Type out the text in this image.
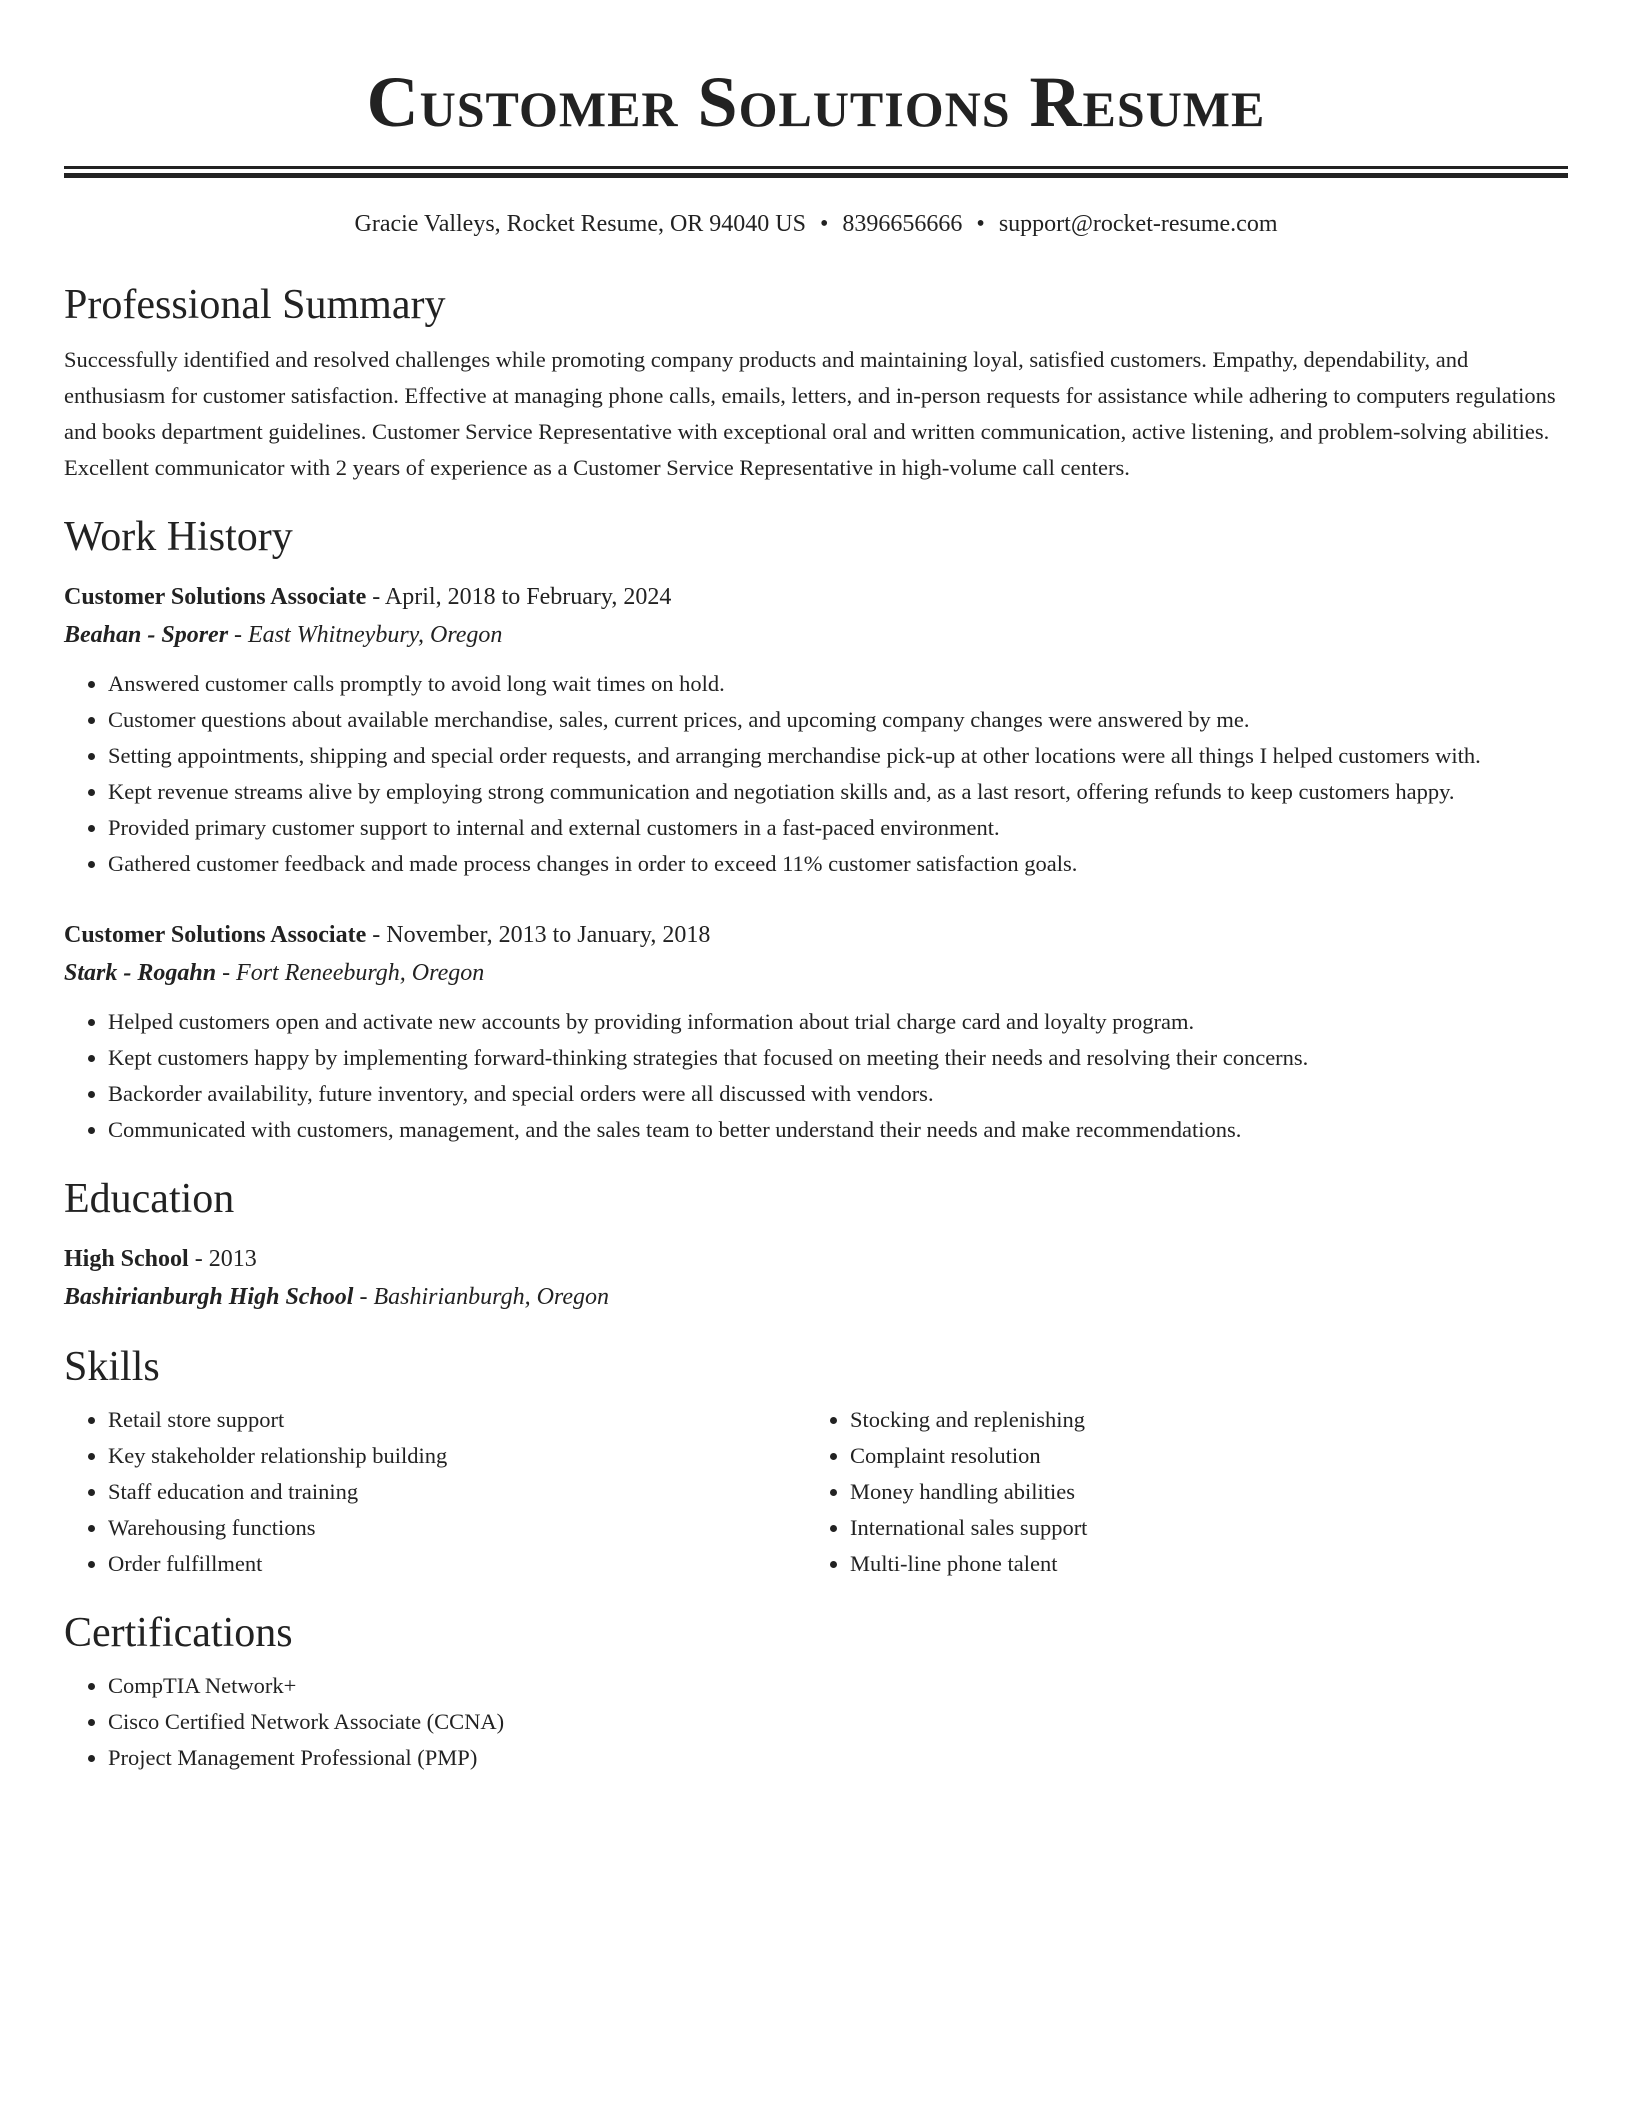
Customer Solutions Resume
Gracie Valleys, Rocket Resume, OR 94040 US • 8396656666 • support@rocket-resume.com
Professional Summary

Successfully identified and resolved challenges while promoting company products and maintaining loyal, satisfied customers. Empathy, dependability, and enthusiasm for customer satisfaction. Effective at managing phone calls, emails, letters, and in-person requests for assistance while adhering to computers regulations and books department guidelines. Customer Service Representative with exceptional oral and written communication, active listening, and problem-solving abilities. Excellent communicator with 2 years of experience as a Customer Service Representative in high-volume call centers.

Work History
Customer Solutions Associate - April, 2018 to February, 2024
Beahan - Sporer - East Whitneybury, Oregon
• Answered customer calls promptly to avoid long wait times on hold.
• Customer questions about available merchandise, sales, current prices, and upcoming company changes were answered by me.
• Setting appointments, shipping and special order requests, and arranging merchandise pick-up at other locations were all things I helped customers with.
• Kept revenue streams alive by employing strong communication and negotiation skills and, as a last resort, offering refunds to keep customers happy.
• Provided primary customer support to internal and external customers in a fast-paced environment.
• Gathered customer feedback and made process changes in order to exceed 11% customer satisfaction goals.
Customer Solutions Associate - November, 2013 to January, 2018
Stark - Rogahn - Fort Reneeburgh, Oregon
• Helped customers open and activate new accounts by providing information about trial charge card and loyalty program.
• Kept customers happy by implementing forward-thinking strategies that focused on meeting their needs and resolving their concerns.
• Backorder availability, future inventory, and special orders were all discussed with vendors.
• Communicated with customers, management, and the sales team to better understand their needs and make recommendations.
Education
High School - 2013
Bashirianburgh High School - Bashirianburgh, Oregon
Skills
• Retail store support
• Key stakeholder relationship building
• Staff education and training
• Warehousing functions
• Order fulfillment
• Stocking and replenishing
• Complaint resolution
• Money handling abilities
• International sales support
• Multi-line phone talent
Certifications
• CompTIA Network+
• Cisco Certified Network Associate (CCNA)
• Project Management Professional (PMP)
